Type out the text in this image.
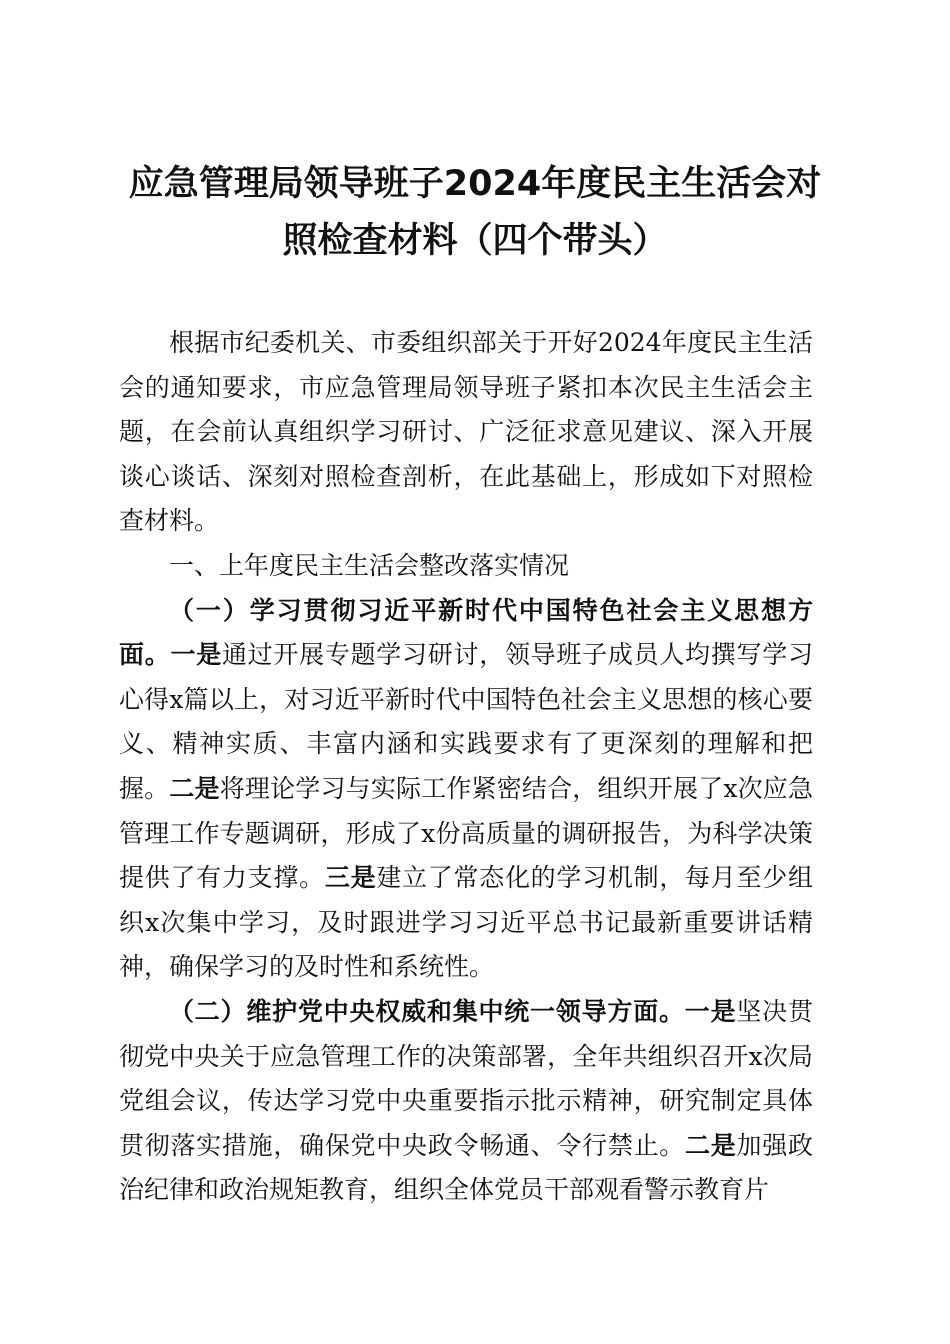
应急管理局领导班子2024年度民主生活会对
照检查材料（四个带头）

根据市纪委机关、市委组织部关于开好2024年度民主生活会的通知要求，市应急管理局领导班子紧扣本次民主生活会主题，在会前认真组织学习研讨、广泛征求意见建议、深入开展谈心谈话、深刻对照检查剖析，在此基础上，形成如下对照检查材料。

一、上年度民主生活会整改落实情况

（一）学习贯彻习近平新时代中国特色社会主义思想方面。一是通过开展专题学习研讨，领导班子成员人均撰写学习心得x篇以上，对习近平新时代中国特色社会主义思想的核心要义、精神实质、丰富内涵和实践要求有了更深刻的理解和把握。二是将理论学习与实际工作紧密结合，组织开展了x次应急管理工作专题调研，形成了x份高质量的调研报告，为科学决策提供了有力支撑。三是建立了常态化的学习机制，每月至少组织x次集中学习，及时跟进学习习近平总书记最新重要讲话精神，确保学习的及时性和系统性。

（二）维护党中央权威和集中统一领导方面。一是坚决贯彻党中央关于应急管理工作的决策部署，全年共组织召开x次局党组会议，传达学习党中央重要指示批示精神，研究制定具体贯彻落实措施，确保党中央政令畅通、令行禁止。二是加强政治纪律和政治规矩教育，组织全体党员干部观看警示教育片
